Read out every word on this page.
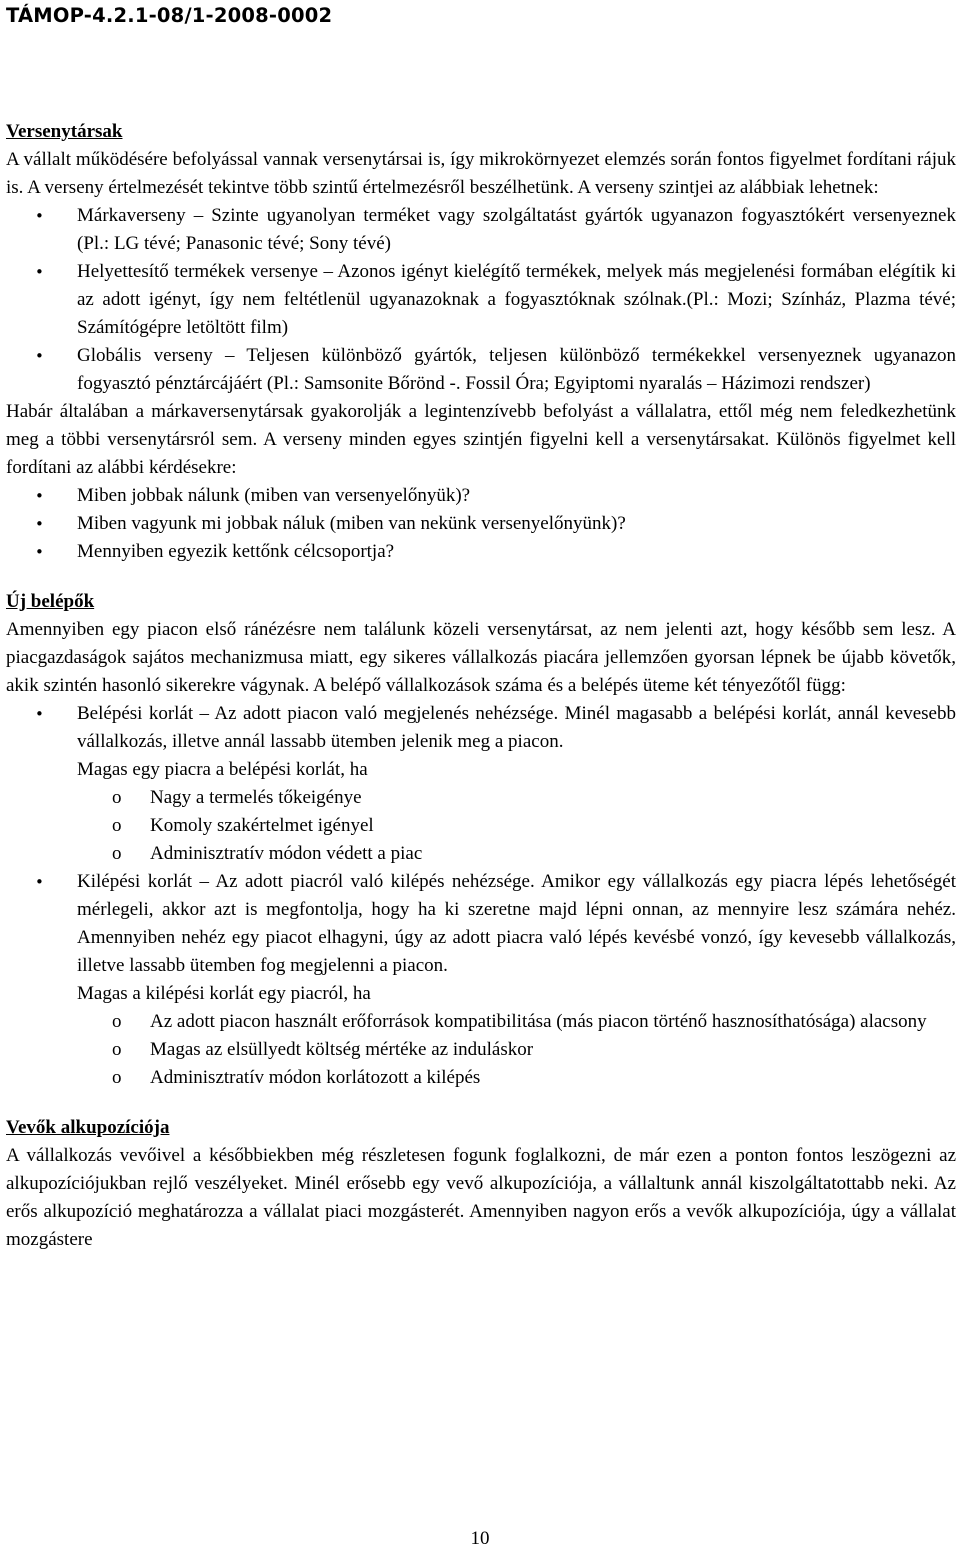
TÁMOP-4.2.1-08/1-2008-0002
Versenytársak

A vállalt működésére befolyással vannak versenytársai is, így mikrokörnyezet elemzés során fontos figyelmet fordítani rájuk is. A verseny értelmezését tekintve több szintű értelmezésről beszélhetünk. A verseny szintjei az alábbiak lehetnek:

• Márkaverseny – Szinte ugyanolyan terméket vagy szolgáltatást gyártók ugyanazon fogyasztókért versenyeznek (Pl.: LG tévé; Panasonic tévé; Sony tévé)
• Helyettesítő termékek versenye – Azonos igényt kielégítő termékek, melyek más megjelenési formában elégítik ki az adott igényt, így nem feltétlenül ugyanazoknak a fogyasztóknak szólnak.(Pl.: Mozi; Színház, Plazma tévé; Számítógépre letöltött film)
• Globális verseny – Teljesen különböző gyártók, teljesen különböző termékekkel versenyeznek ugyanazon fogyasztó pénztárcájáért (Pl.: Samsonite Bőrönd -. Fossil Óra; Egyiptomi nyaralás – Házimozi rendszer)

Habár általában a márkaversenytársak gyakorolják a legintenzívebb befolyást a vállalatra, ettől még nem feledkezhetünk meg a többi versenytársról sem. A verseny minden egyes szintjén figyelni kell a versenytársakat. Különös figyelmet kell fordítani az alábbi kérdésekre:

• Miben jobbak nálunk (miben van versenyelőnyük)?
• Miben vagyunk mi jobbak náluk (miben van nekünk versenyelőnyünk)?
• Mennyiben egyezik kettőnk célcsoportja?
Új belépők

Amennyiben egy piacon első ránézésre nem találunk közeli versenytársat, az nem jelenti azt, hogy később sem lesz. A piacgazdaságok sajátos mechanizmusa miatt, egy sikeres vállalkozás piacára jellemzően gyorsan lépnek be újabb követők, akik szintén hasonló sikerekre vágynak. A belépő vállalkozások száma és a belépés üteme két tényezőtől függ:

• Belépési korlát – Az adott piacon való megjelenés nehézsége. Minél magasabb a belépési korlát, annál kevesebb vállalkozás, illetve annál lassabb ütemben jelenik meg a piacon.
Magas egy piacra a belépési korlát, ha
o Nagy a termelés tőkeigénye
o Komoly szakértelmet igényel
o Adminisztratív módon védett a piac
• Kilépési korlát – Az adott piacról való kilépés nehézsége. Amikor egy vállalkozás egy piacra lépés lehetőségét mérlegeli, akkor azt is megfontolja, hogy ha ki szeretne majd lépni onnan, az mennyire lesz számára nehéz. Amennyiben nehéz egy piacot elhagyni, úgy az adott piacra való lépés kevésbé vonzó, így kevesebb vállalkozás, illetve lassabb ütemben fog megjelenni a piacon.
Magas a kilépési korlát egy piacról, ha
o Az adott piacon használt erőforrások kompatibilitása (más piacon történő hasznosíthatósága) alacsony
o Magas az elsüllyedt költség mértéke az induláskor
o Adminisztratív módon korlátozott a kilépés
Vevők alkupozíciója

A vállalkozás vevőivel a későbbiekben még részletesen fogunk foglalkozni, de már ezen a ponton fontos leszögezni az alkupozíciójukban rejlő veszélyeket. Minél erősebb egy vevő alkupozíciója, a vállaltunk annál kiszolgáltatottabb neki. Az erős alkupozíció meghatározza a vállalat piaci mozgásterét. Amennyiben nagyon erős a vevők alkupozíciója, úgy a vállalat mozgástere

10
